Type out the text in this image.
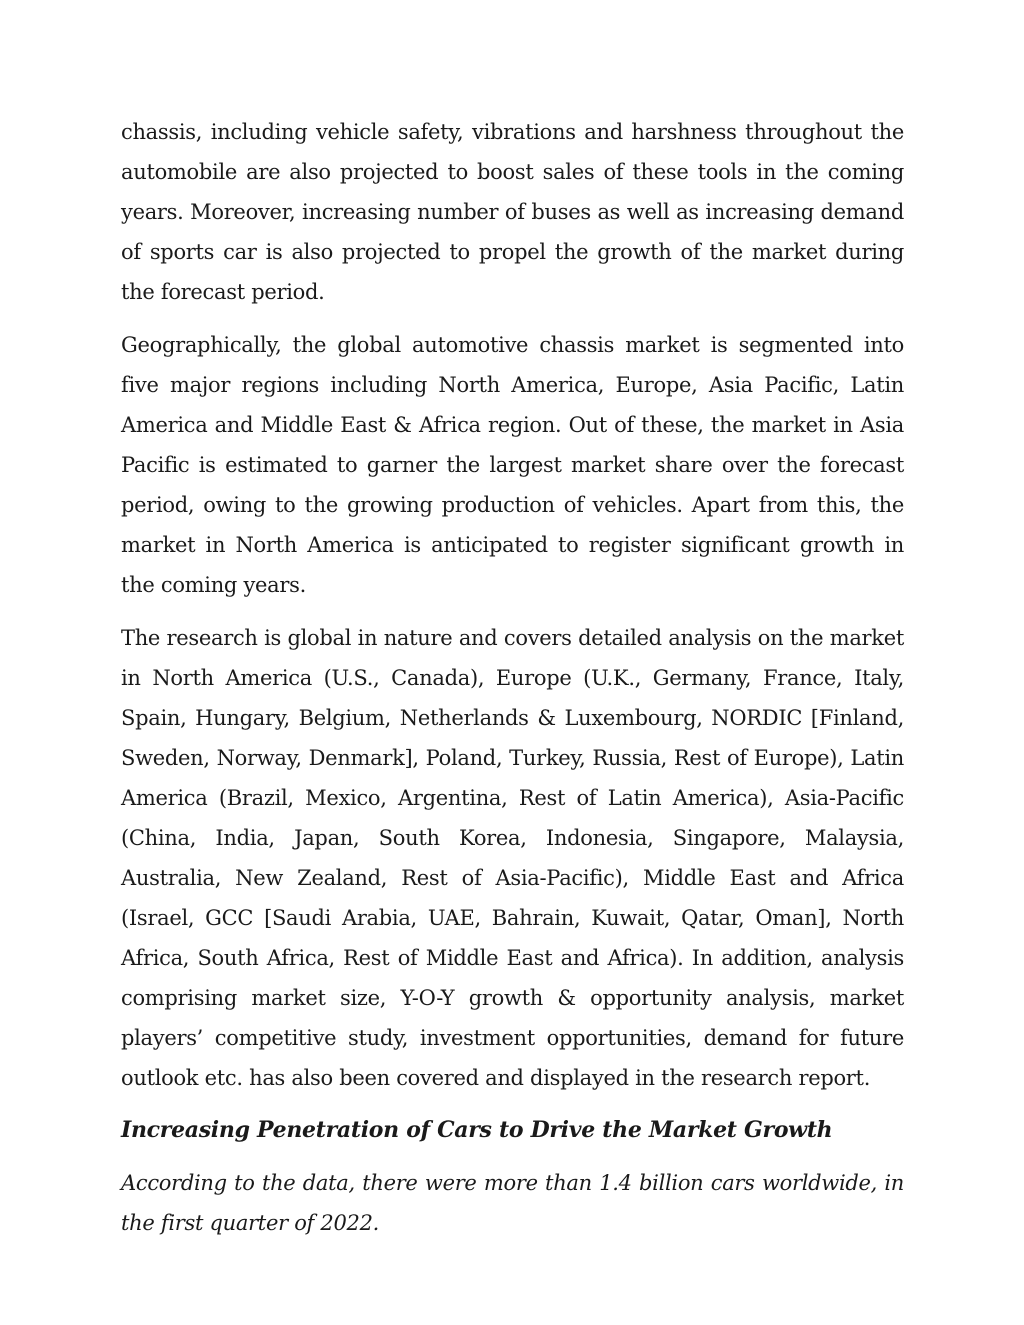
chassis, including vehicle safety, vibrations and harshness throughout the automobile are also projected to boost sales of these tools in the coming years. Moreover, increasing number of buses as well as increasing demand of sports car is also projected to propel the growth of the market during the forecast period.

Geographically, the global automotive chassis market is segmented into five major regions including North America, Europe, Asia Pacific, Latin America and Middle East & Africa region. Out of these, the market in Asia Pacific is estimated to garner the largest market share over the forecast period, owing to the growing production of vehicles. Apart from this, the market in North America is anticipated to register significant growth in the coming years.

The research is global in nature and covers detailed analysis on the market in North America (U.S., Canada), Europe (U.K., Germany, France, Italy, Spain, Hungary, Belgium, Netherlands & Luxembourg, NORDIC [Finland, Sweden, Norway, Denmark], Poland, Turkey, Russia, Rest of Europe), Latin America (Brazil, Mexico, Argentina, Rest of Latin America), Asia-Pacific (China, India, Japan, South Korea, Indonesia, Singapore, Malaysia, Australia, New Zealand, Rest of Asia-Pacific), Middle East and Africa (Israel, GCC [Saudi Arabia, UAE, Bahrain, Kuwait, Qatar, Oman], North Africa, South Africa, Rest of Middle East and Africa). In addition, analysis comprising market size, Y-O-Y growth & opportunity analysis, market players’ competitive study, investment opportunities, demand for future outlook etc. has also been covered and displayed in the research report.

Increasing Penetration of Cars to Drive the Market Growth

According to the data, there were more than 1.4 billion cars worldwide, in the first quarter of 2022.
